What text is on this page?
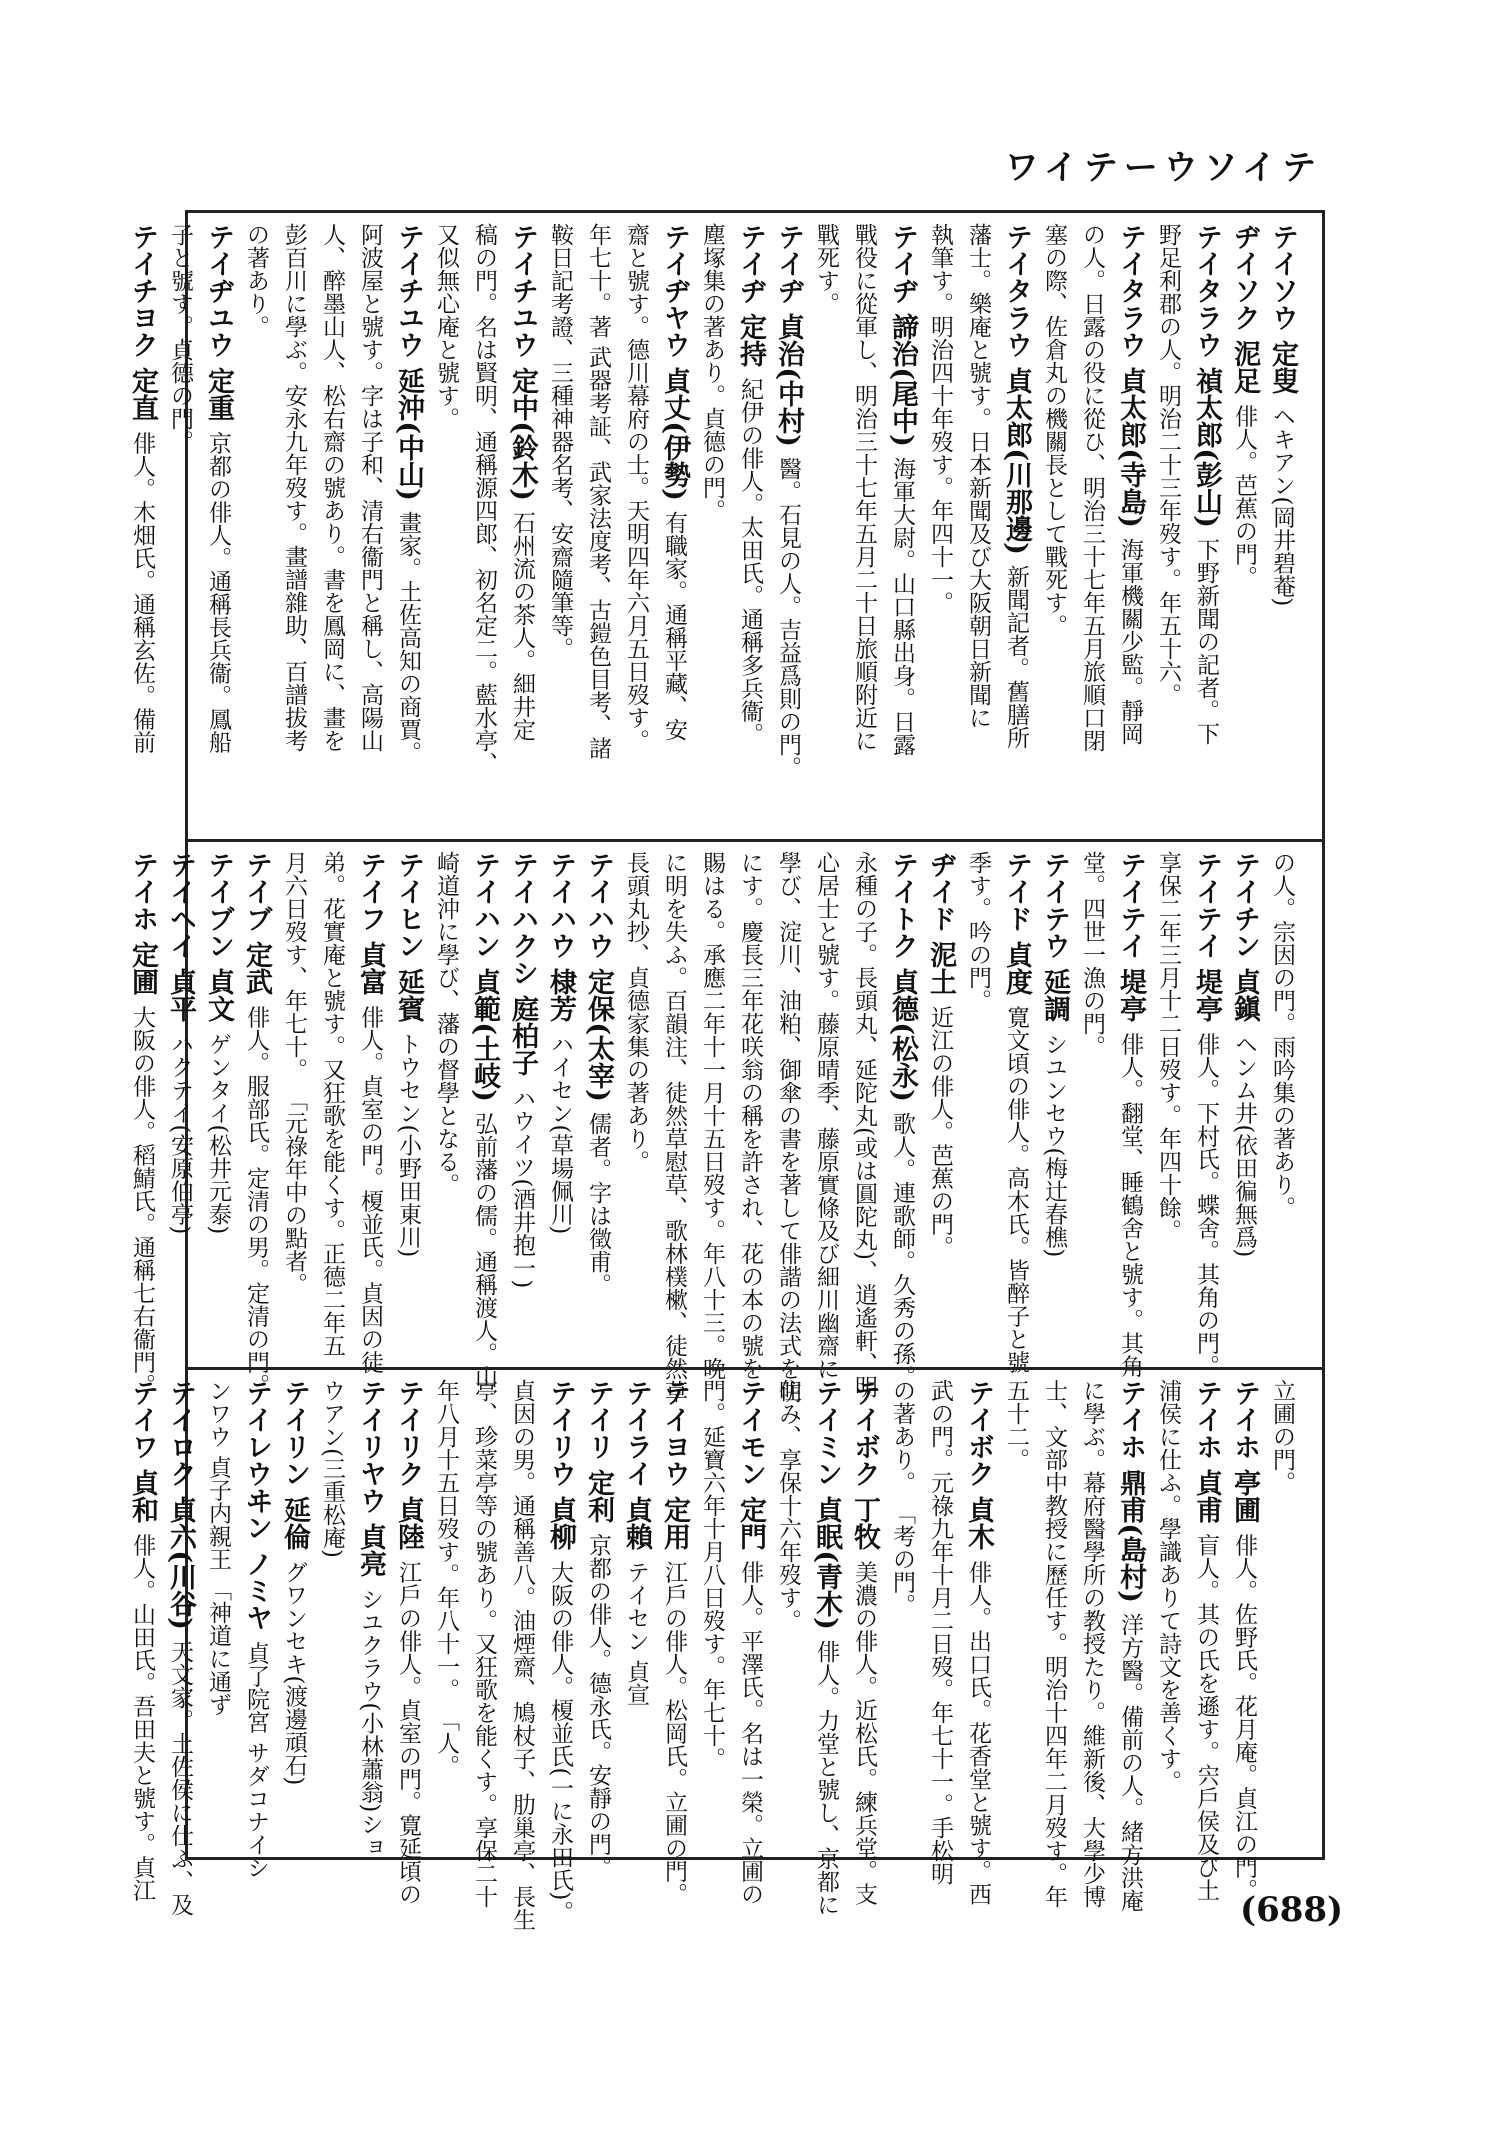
ワイテーウソイテ
テイソウ 定叟ヘキアン(岡井碧菴)
ヂイソク 泥足俳人。芭蕉の門。
テイタラウ 禎太郎(彭山)下野新聞の記者。下
野足利郡の人。明治二十三年歿す。年五十六。
テイタラウ 貞太郎(寺島)海軍機關少監。靜岡
の人。日露の役に從ひ、明治三十七年五月旅順口閉
塞の際、佐倉丸の機關長として戰死す。
テイタラウ 貞太郎(川那邊)新聞記者。舊膳所
藩士。樂庵と號す。日本新聞及び大阪朝日新聞に
執筆す。明治四十年歿す。年四十一。
テイヂ 諦治(尾中)海軍大尉。山口縣出身。日露
戰役に從軍し、明治三十七年五月二十日旅順附近に
戰死す。
テイヂ 貞治(中村)醫。石見の人。吉益爲則の門。
テイヂ 定持紀伊の俳人。太田氏。通稱多兵衞。
塵塚集の著あり。貞德の門。
テイヂヤウ 貞丈(伊勢)有職家。通稱平藏、安
齋と號す。德川幕府の士。天明四年六月五日歿す。
年七十。著 武器考証、武家法度考、古鎧色目考、諸
鞍日記考證、三種神器名考、安齋隨筆等。
テイチユウ 定中(鈴木)石州流の茶人。細井定
稿の門。名は賢明、通稱源四郎、初名定二。藍水亭、
又似無心庵と號す。
テイチユウ 延沖(中山)畫家。土佐高知の商賈。
阿波屋と號す。字は子和、清右衞門と稱し、高陽山
人、醉墨山人、松右齋の號あり。書を鳳岡に、畫を
彭百川に學ぶ。安永九年歿す。畫譜雜助、百譜拔考
の著あり。
テイヂユウ 定重京都の俳人。通稱長兵衞。鳳船
子と號す。貞德の門。
テイチヨク 定直俳人。木畑氏。通稱玄佐。備前
の人。宗因の門。雨吟集の著あり。
テイチン 貞鎭ヘンム井(依田徧無爲)
テイテイ 堤亭俳人。下村氏。蝶舍。其角の門。
享保二年三月十二日歿す。年四十餘。
テイテイ 堤亭俳人。翻堂、睡鶴舍と號す。其角
堂。四世一漁の門。
テイテウ 延調シユンセウ(梅辻春樵)
テイド 貞度寛文頃の俳人。高木氏。皆醉子と號
季す。吟の門。
ヂイド 泥土近江の俳人。芭蕉の門。
テイトク 貞德(松永)歌人。連歌師。久秀の孫。
永種の子。長頭丸、延陀丸(或は圓陀丸)、逍遙軒、明
心居士と號す。藤原晴季、藤原實條及び細川幽齋に
學び、淀川、油粕、御傘の書を著して俳諧の法式を明
にす。慶長三年花咲翁の稱を許され、花の本の號を
賜はる。承應二年十一月十五日歿す。年八十三。晩
に明を失ふ。百韻注、徒然草慰草、歌林樸樕、徒然草
長頭丸抄、貞德家集の著あり。
テイハウ 定保(太宰)儒者。字は徵甫。
テイハウ 棣芳ハイセン(草場佩川)
テイハクシ 庭柏子ハウイツ(酒井抱一)
テイハン 貞範(土岐)弘前藩の儒。通稱渡人。山
崎道沖に學び、藩の督學となる。
テイヒン 延賓トウセン(小野田東川)
テイフ 貞富俳人。貞室の門。榎並氏。貞因の徒
弟。花實庵と號す。又狂歌を能くす。正德二年五
月六日歿す、年七十。 「元祿年中の點者。
テイブ 定武俳人。服部氏。定清の男。定清の門。
テイブン 貞文ゲンタイ(松井元泰)
テイヘイ 貞平ハクテイ(安原伯亭)
テイホ 定圃大阪の俳人。稻鯖氏。通稱七右衞門。
立圃の門。
テイホ 亭圃俳人。佐野氏。花月庵。貞江の門。
テイホ 貞甫盲人。其の氏を遜す。宍戶侯及び土
浦侯に仕ふ。學識ありて詩文を善くす。
テイホ 鼎甫(島村)洋方醫。備前の人。緒方洪庵
に學ぶ。幕府醫學所の教授たり。維新後、大學少博
士、文部中教授に歷任す。明治十四年二月歿す。年
五十二。
テイボク 貞木俳人。出口氏。花香堂と號す。西
武の門。元祿九年十月二日歿。年七十一。手松明
の著あり。 「考の門。
テイボク 丁牧美濃の俳人。近松氏。練兵堂。支
テイミン 貞眠(青木)俳人。力堂と號し、京都に
住み、享保十六年歿す。
テイモン 定門俳人。平澤氏。名は一榮。立圃の
門。延寶六年十月八日歿す。年七十。
テイヨウ 定用江戶の俳人。松岡氏。立圃の門。
テイライ 貞賴テイセン 貞宣
テイリ 定利京都の俳人。德永氏。安靜の門。
テイリウ 貞柳大阪の俳人。榎並氏(一に永田氏)。
貞因の男。通稱善八。油煙齋、鳩杖子、肋巢亭、長生
亭、珍菜亭等の號あり。又狂歌を能くす。享保二十
年八月十五日歿す。年八十一。 「人。
テイリク 貞陸江戶の俳人。貞室の門。寛延頃の
テイリヤウ 貞亮シユクラウ(小林蕭翁)ショ
ウアン(三重松庵)
テイリン 延倫グワンセキ(渡邊頑石)
テイレウヰン ノミヤ貞了院宮 サダコナイシ
ンワウ 貞子内親王 「神道に通ず
テイロク 貞六(川谷)天文家。土佐侯に仕ふ、及
テイワ 貞和俳人。山田氏。吾田夫と號す。貞江
(688)
